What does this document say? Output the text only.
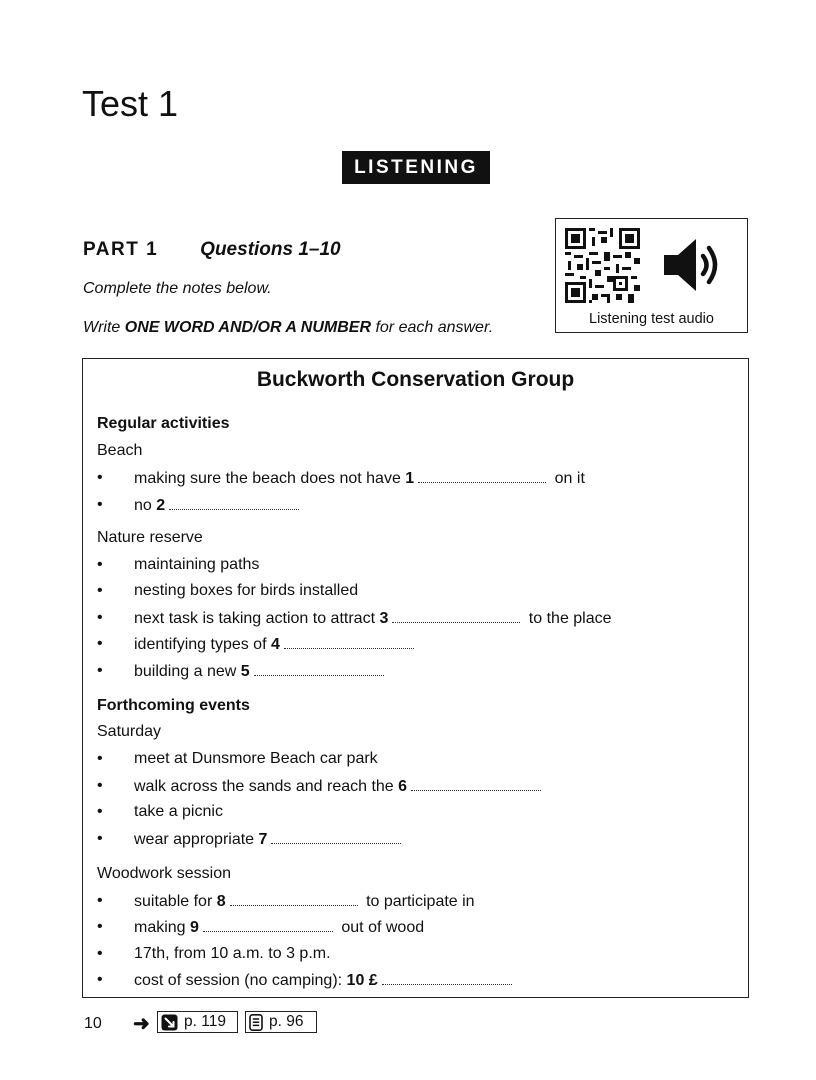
Test 1
LISTENING
PART 1 Questions 1–10
Complete the notes below.
Write ONE WORD AND/OR A NUMBER for each answer.	Listening test audio
Buckworth Conservation Group
Regular activities
Beach
• making sure the beach does not have 1	on it
• no 2
Nature reserve
• maintaining paths
• nesting boxes for birds installed
• next task is taking action to attract 3	to the place
• identifying types of 4
• building a new 5
Forthcoming events
Saturday
• meet at Dunsmore Beach car park
• walk across the sands and reach the 6
• take a picnic
• wear appropriate 7
Woodwork session
• suitable for 8	to participate in
• making 9	out of wood
• 17th, from 10 a.m. to 3 p.m.
• cost of session (no camping): 10 £
10 ➜ p. 119	p. 96
